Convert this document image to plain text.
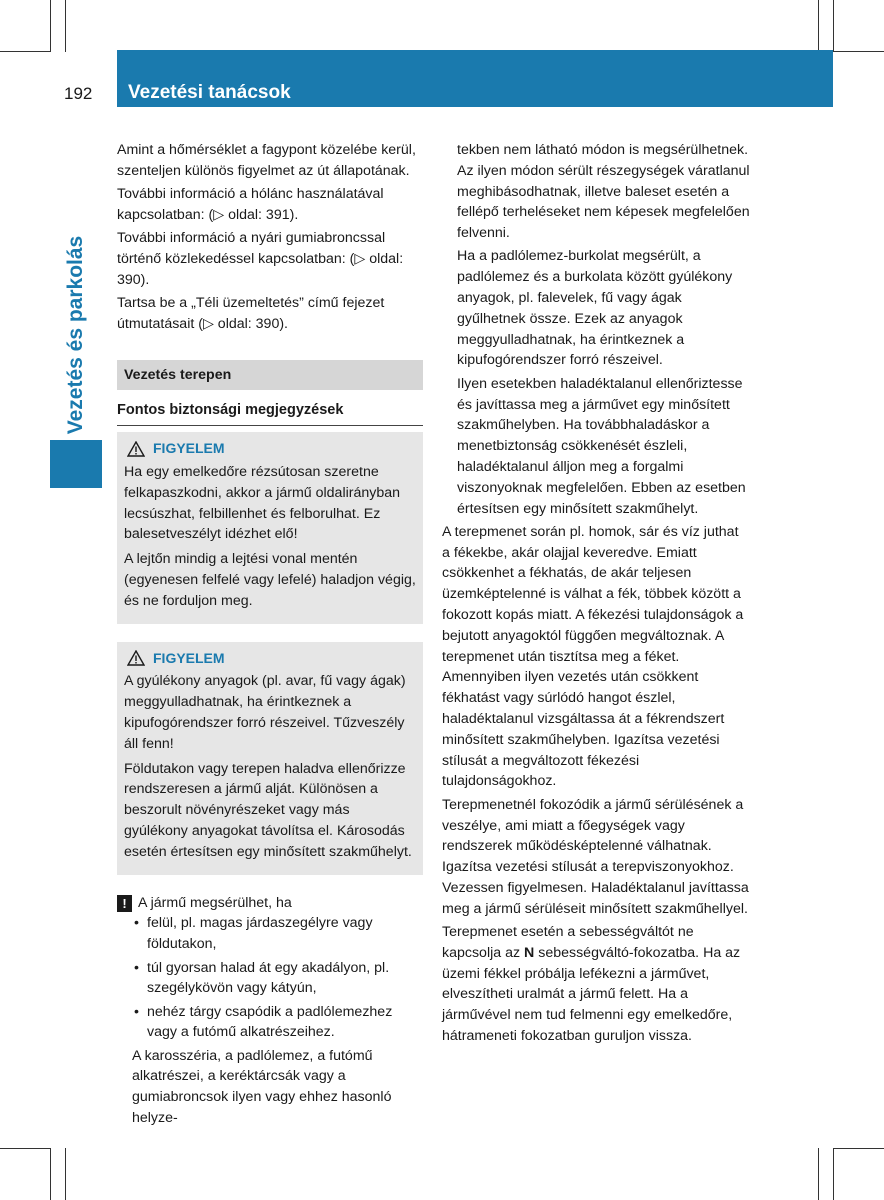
192	Vezetési tanácsok
Vezetés és parkolás

Amint a hőmérséklet a fagypont közelébe kerül, szenteljen különös figyelmet az út állapotának.

További információ a hólánc használatával kapcsolatban: (▷ oldal: 391).

További információ a nyári gumiabroncssal történő közlekedéssel kapcsolatban: (▷ oldal: 390).

Tartsa be a „Téli üzemeltetés” című fejezet útmutatásait (▷ oldal: 390).

Vezetés terepen
Fontos biztonsági megjegyzések
FIGYELEM

Ha egy emelkedőre rézsútosan szeretne felkapaszkodni, akkor a jármű oldalirányban lecsúszhat, felbillenhet és felborulhat. Ez balesetveszélyt idézhet elő!

A lejtőn mindig a lejtési vonal mentén (egyenesen felfelé vagy lefelé) haladjon végig, és ne forduljon meg.

FIGYELEM

A gyúlékony anyagok (pl. avar, fű vagy ágak) meggyulladhatnak, ha érintkeznek a kipufogórendszer forró részeivel. Tűzveszély áll fenn!

Földutakon vagy terepen haladva ellenőrizze rendszeresen a jármű alját. Különösen a beszorult növényrészeket vagy más gyúlékony anyagokat távolítsa el. Károsodás esetén értesítsen egy minősített szakműhelyt.

! A jármű megsérülhet, ha
• felül, pl. magas járdaszegélyre vagy földutakon,
• túl gyorsan halad át egy akadályon, pl. szegélykövön vagy kátyún,
• nehéz tárgy csapódik a padlólemezhez vagy a futómű alkatrészeihez.

A karosszéria, a padlólemez, a futómű alkatrészei, a keréktárcsák vagy a gumiabroncsok ilyen vagy ehhez hasonló helyze-

tekben nem látható módon is megsérülhetnek. Az ilyen módon sérült részegységek váratlanul meghibásodhatnak, illetve baleset esetén a fellépő terheléseket nem képesek megfelelően felvenni.

Ha a padlólemez-burkolat megsérült, a padlólemez és a burkolata között gyúlékony anyagok, pl. falevelek, fű vagy ágak gyűlhetnek össze. Ezek az anyagok meggyulladhatnak, ha érintkeznek a kipufogórendszer forró részeivel.

Ilyen esetekben haladéktalanul ellenőriztesse és javíttassa meg a járművet egy minősített szakműhelyben. Ha továbbhaladáskor a menetbiztonság csökkenését észleli, haladéktalanul álljon meg a forgalmi viszonyoknak megfelelően. Ebben az esetben értesítsen egy minősített szakműhelyt.

A terepmenet során pl. homok, sár és víz juthat a fékekbe, akár olajjal keveredve. Emiatt csökkenhet a fékhatás, de akár teljesen üzemképtelenné is válhat a fék, többek között a fokozott kopás miatt. A fékezési tulajdonságok a bejutott anyagoktól függően megváltoznak. A terepmenet után tisztítsa meg a féket. Amennyiben ilyen vezetés után csökkent fékhatást vagy súrlódó hangot észlel, haladéktalanul vizsgáltassa át a fékrendszert minősített szakműhelyben. Igazítsa vezetési stílusát a megváltozott fékezési tulajdonságokhoz.

Terepmenetnél fokozódik a jármű sérülésének a veszélye, ami miatt a főegységek vagy rendszerek működésképtelenné válhatnak. Igazítsa vezetési stílusát a terepviszonyokhoz. Vezessen figyelmesen. Haladéktalanul javíttassa meg a jármű sérüléseit minősített szakműhellyel.

Terepmenet esetén a sebességváltót ne kapcsolja az N sebességváltó-fokozatba. Ha az üzemi fékkel próbálja lefékezni a járművet, elveszítheti uralmát a jármű felett. Ha a járművével nem tud felmenni egy emelkedőre, hátrameneti fokozatban guruljon vissza.
